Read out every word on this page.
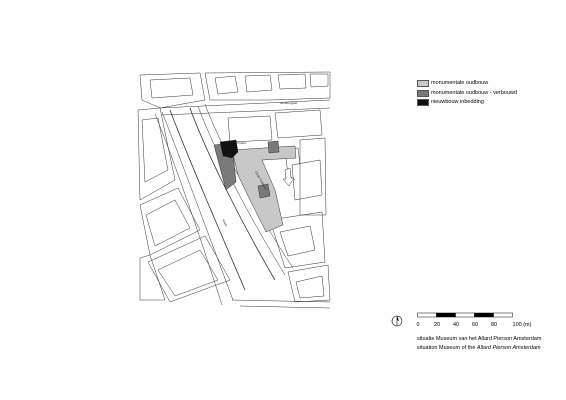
Grimburgwal
Oude Turfmarkt
Oude Turfmarkt
Rokin
monumentale oudbouw
monumentale oudbouw - verbouwd
nieuwbouw inbedding
0	20 40 60 80	100 (m)
situatie Museum van het Allard Pierson Amsterdam
situation Museum of the Allard Pierson Amsterdam
